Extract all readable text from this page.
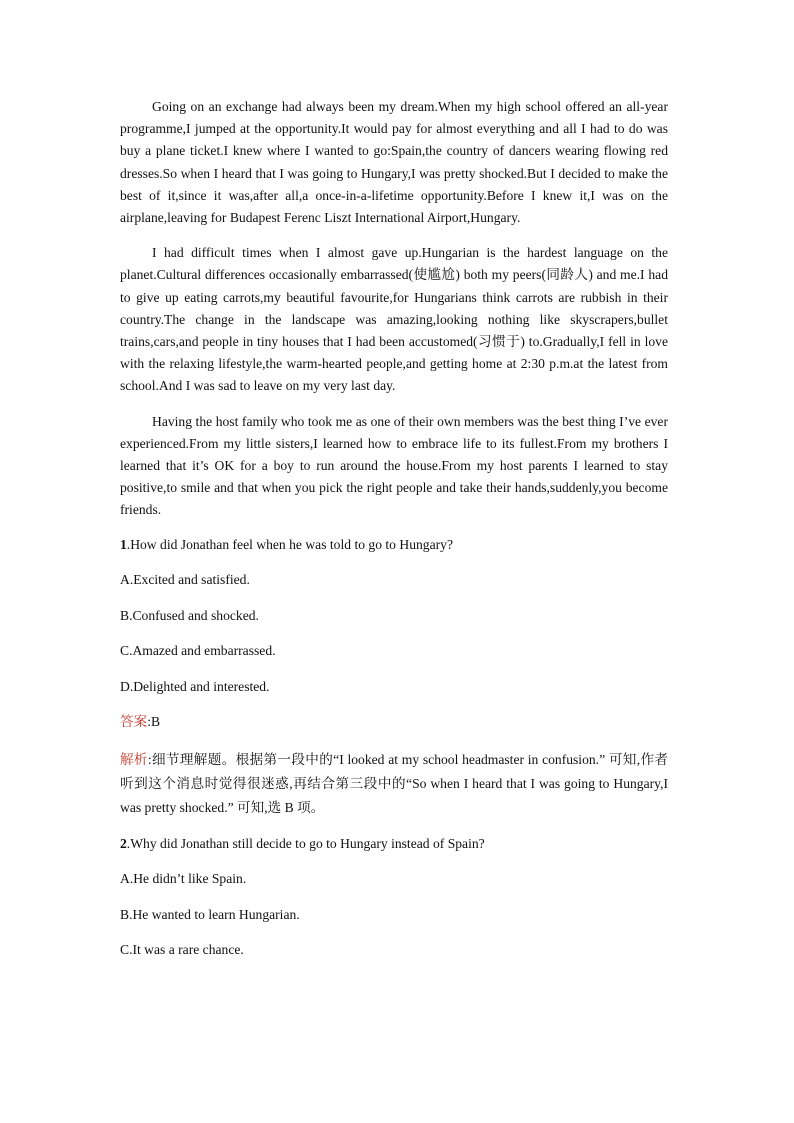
Going on an exchange had always been my dream.When my high school offered an all-year programme,I jumped at the opportunity.It would pay for almost everything and all I had to do was buy a plane ticket.I knew where I wanted to go:Spain,the country of dancers wearing flowing red dresses.So when I heard that I was going to Hungary,I was pretty shocked.But I decided to make the best of it,since it was,after all,a once-in-a-lifetime opportunity.Before I knew it,I was on the airplane,leaving for Budapest Ferenc Liszt International Airport,Hungary.

I had difficult times when I almost gave up.Hungarian is the hardest language on the planet.Cultural differences occasionally embarrassed(使尴尬) both my peers(同龄人) and me.I had to give up eating carrots,my beautiful favourite,for Hungarians think carrots are rubbish in their country.The change in the landscape was amazing,looking nothing like skyscrapers,bullet trains,cars,and people in tiny houses that I had been accustomed(习惯于) to.Gradually,I fell in love with the relaxing lifestyle,the warm-hearted people,and getting home at 2:30 p.m.at the latest from school.And I was sad to leave on my very last day.

Having the host family who took me as one of their own members was the best thing I’ve ever experienced.From my little sisters,I learned how to embrace life to its fullest.From my brothers I learned that it’s OK for a boy to run around the house.From my host parents I learned to stay positive,to smile and that when you pick the right people and take their hands,suddenly,you become friends.

1.How did Jonathan feel when he was told to go to Hungary?
A.Excited and satisfied.
B.Confused and shocked.
C.Amazed and embarrassed.
D.Delighted and interested.
答案:B
解析:细节理解题。根据第一段中的“I looked at my school headmaster in confusion.” 可知,作者听到这个消息时觉得很迷惑,再结合第三段中的“So when I heard that I was going to Hungary,I was pretty shocked.” 可知,选 B 项。
2.Why did Jonathan still decide to go to Hungary instead of Spain?
A.He didn’t like Spain.
B.He wanted to learn Hungarian.
C.It was a rare chance.
